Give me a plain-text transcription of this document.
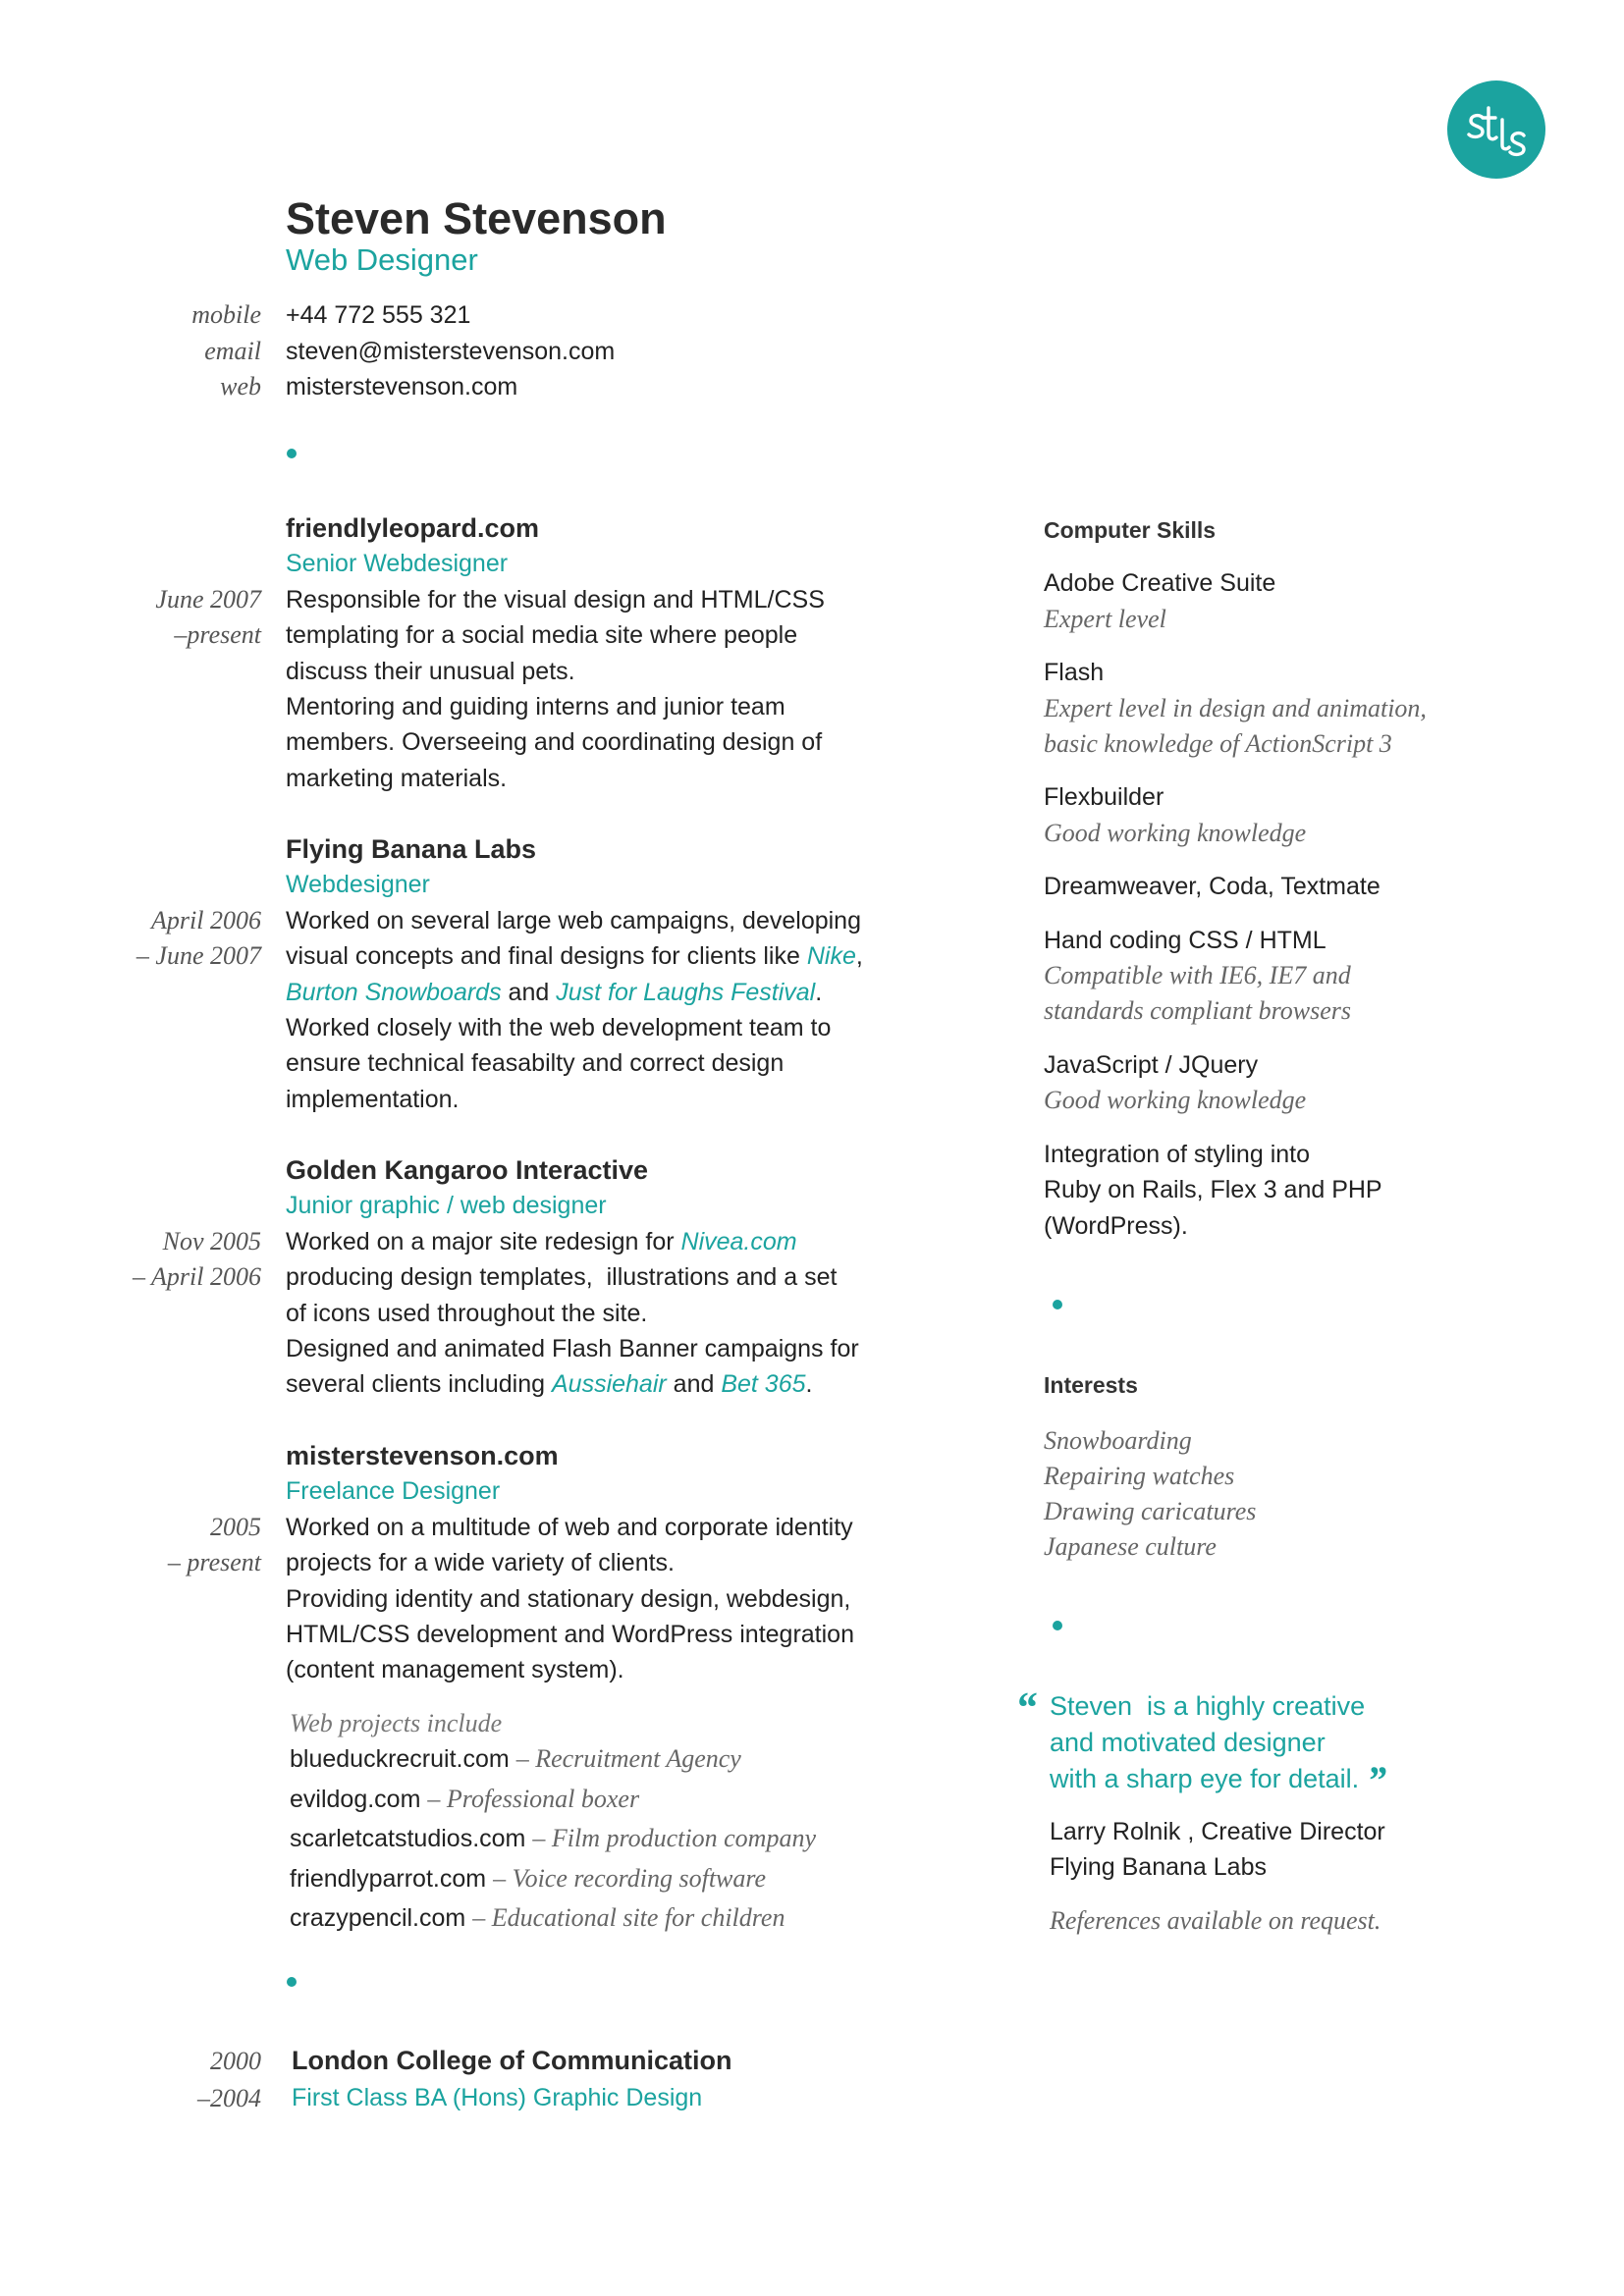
Steven Stevenson
Web Designer
mobile +44 772 555 321
email steven@misterstevenson.com
web misterstevenson.com
June 2007
–present
friendlyleopard.com
Senior Webdesigner
Responsible for the visual design and HTML/CSS
templating for a social media site where people
discuss their unusual pets.
Mentoring and guiding interns and junior team
members. Overseeing and coordinating design of
marketing materials.
April 2006
– June 2007
Flying Banana Labs
Webdesigner
Worked on several large web campaigns, developing
visual concepts and final designs for clients like Nike,
Burton Snowboards and Just for Laughs Festival.
Worked closely with the web development team to
ensure technical feasabilty and correct design
implementation.
Nov 2005
– April 2006
Golden Kangaroo Interactive
Junior graphic / web designer
Worked on a major site redesign for Nivea.com
producing design templates,  illustrations and a set
of icons used throughout the site.
Designed and animated Flash Banner campaigns for
several clients including Aussiehair and Bet 365.
2005
– present
misterstevenson.com
Freelance Designer
Worked on a multitude of web and corporate identity
projects for a wide variety of clients.
Providing identity and stationary design, webdesign,
HTML/CSS development and WordPress integration
(content management system).
Web projects include
blueduckrecruit.com – Recruitment Agency
evildog.com – Professional boxer
scarletcatstudios.com – Film production company
friendlyparrot.com – Voice recording software
crazypencil.com – Educational site for children
2000
–2004
London College of Communication
First Class BA (Hons) Graphic Design
Computer Skills
Adobe Creative Suite
Expert level
Flash
Expert level in design and animation,
basic knowledge of ActionScript 3
Flexbuilder
Good working knowledge
Dreamweaver, Coda, Textmate
Hand coding CSS / HTML
Compatible with IE6, IE7 and
standards compliant browsers
JavaScript / JQuery
Good working knowledge
Integration of styling into
Ruby on Rails, Flex 3 and PHP
(WordPress).
Interests
Snowboarding
Repairing watches
Drawing caricatures
Japanese culture
“ Steven  is a highly creative
and motivated designer
with a sharp eye for detail. ”
Larry Rolnik , Creative Director
Flying Banana Labs
References available on request.
